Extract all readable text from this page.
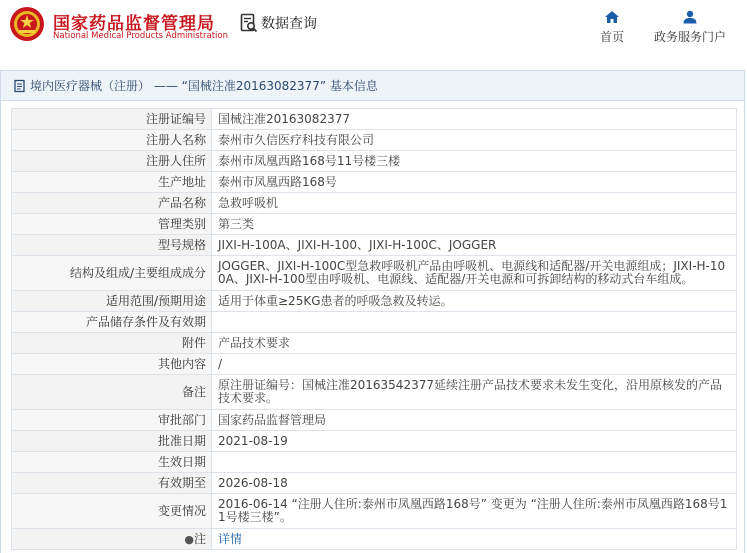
国家药品监督管理局
National Medical Products Administration
数据查询
首页 政务服务门户
境内医疗器械（注册） —— “国械注准20163082377” 基本信息
注册证编号	国械注准20163082377
注册人名称	泰州市久信医疗科技有限公司
注册人住所	泰州市凤凰西路168号11号楼三楼
生产地址	泰州市凤凰西路168号
产品名称	急救呼吸机
管理类别	第三类
型号规格	JIXI-H-100A、JIXI-H-100、JIXI-H-100C、JOGGER
结构及组成/主要组成成分	JOGGER、JIXI-H-100C型急救呼吸机产品由呼吸机、电源线和适配器/开关电源组成；JIXI-H-100A、JIXI-H-100型由呼吸机、电源线、适配器/开关电源和可拆卸结构的移动式台车组成。
适用范围/预期用途	适用于体重≥25KG患者的呼吸急救及转运。
产品储存条件及有效期	
附件	产品技术要求
其他内容	/
备注	原注册证编号：国械注准20163542377延续注册产品技术要求未发生变化，沿用原核发的产品技术要求。
审批部门	国家药品监督管理局
批准日期	2021-08-19
生效日期	
有效期至	2026-08-18
变更情况	2016-06-14 “注册人住所:泰州市凤凰西路168号” 变更为 “注册人住所:泰州市凤凰西路168号11号楼三楼”。
●注	详情
